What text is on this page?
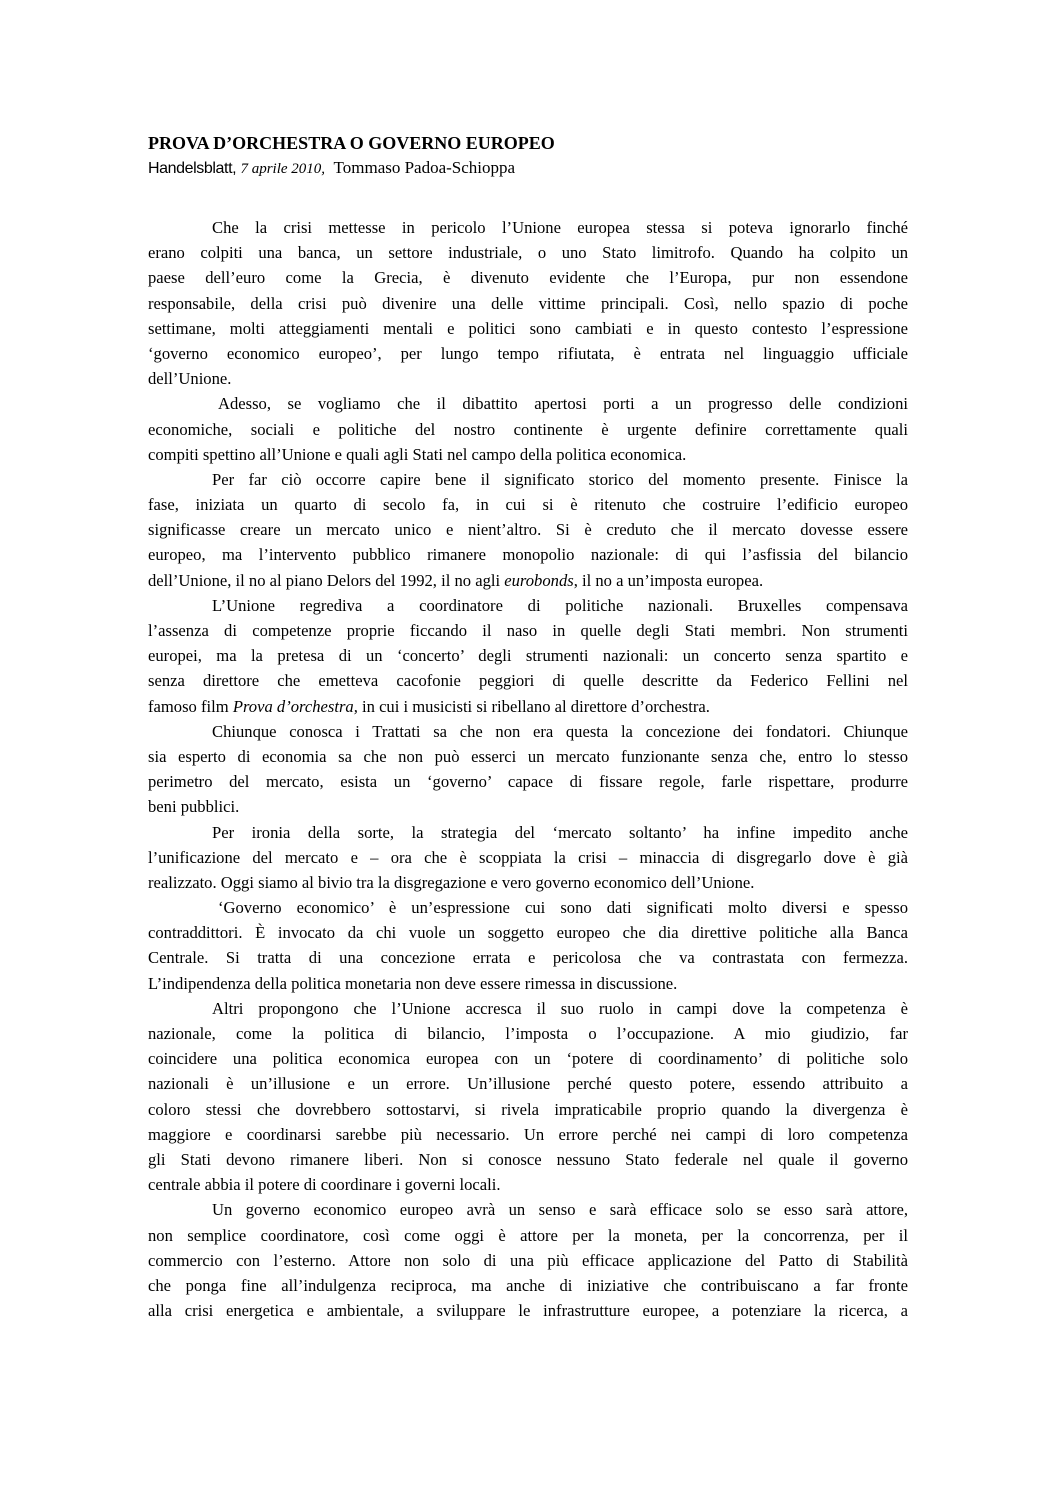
PROVA D’ORCHESTRA O GOVERNO EUROPEO
Handelsblatt, 7 aprile 2010, Tommaso Padoa-Schioppa
Che la crisi mettesse in pericolo l’Unione europea stessa si poteva ignorarlo finché
erano colpiti una banca, un settore industriale, o uno Stato limitrofo. Quando ha colpito un
paese dell’euro come la Grecia, è divenuto evidente che l’Europa, pur non essendone
responsabile, della crisi può divenire una delle vittime principali. Così, nello spazio di poche
settimane, molti atteggiamenti mentali e politici sono cambiati e in questo contesto l’espressione
‘governo economico europeo’, per lungo tempo rifiutata, è entrata nel linguaggio ufficiale
dell’Unione.
Adesso, se vogliamo che il dibattito apertosi porti a un progresso delle condizioni
economiche, sociali e politiche del nostro continente è urgente definire correttamente quali
compiti spettino all’Unione e quali agli Stati nel campo della politica economica.
Per far ciò occorre capire bene il significato storico del momento presente. Finisce la
fase, iniziata un quarto di secolo fa, in cui si è ritenuto che costruire l’edificio europeo
significasse creare un mercato unico e nient’altro. Si è creduto che il mercato dovesse essere
europeo, ma l’intervento pubblico rimanere monopolio nazionale: di qui l’asfissia del bilancio
dell’Unione, il no al piano Delors del 1992, il no agli eurobonds, il no a un’imposta europea.
L’Unione regrediva a coordinatore di politiche nazionali. Bruxelles compensava
l’assenza di competenze proprie ficcando il naso in quelle degli Stati membri. Non strumenti
europei, ma la pretesa di un ‘concerto’ degli strumenti nazionali: un concerto senza spartito e
senza direttore che emetteva cacofonie peggiori di quelle descritte da Federico Fellini nel
famoso film Prova d’orchestra, in cui i musicisti si ribellano al direttore d’orchestra.
Chiunque conosca i Trattati sa che non era questa la concezione dei fondatori. Chiunque
sia esperto di economia sa che non può esserci un mercato funzionante senza che, entro lo stesso
perimetro del mercato, esista un ‘governo’ capace di fissare regole, farle rispettare, produrre
beni pubblici.
Per ironia della sorte, la strategia del ‘mercato soltanto’ ha infine impedito anche
l’unificazione del mercato e – ora che è scoppiata la crisi – minaccia di disgregarlo dove è già
realizzato. Oggi siamo al bivio tra la disgregazione e vero governo economico dell’Unione.
‘Governo economico’ è un’espressione cui sono dati significati molto diversi e spesso
contraddittori. È invocato da chi vuole un soggetto europeo che dia direttive politiche alla Banca
Centrale. Si tratta di una concezione errata e pericolosa che va contrastata con fermezza.
L’indipendenza della politica monetaria non deve essere rimessa in discussione.
Altri propongono che l’Unione accresca il suo ruolo in campi dove la competenza è
nazionale, come la politica di bilancio, l’imposta o l’occupazione. A mio giudizio, far
coincidere una politica economica europea con un ‘potere di coordinamento’ di politiche solo
nazionali è un’illusione e un errore. Un’illusione perché questo potere, essendo attribuito a
coloro stessi che dovrebbero sottostarvi, si rivela impraticabile proprio quando la divergenza è
maggiore e coordinarsi sarebbe più necessario. Un errore perché nei campi di loro competenza
gli Stati devono rimanere liberi. Non si conosce nessuno Stato federale nel quale il governo
centrale abbia il potere di coordinare i governi locali.
Un governo economico europeo avrà un senso e sarà efficace solo se esso sarà attore,
non semplice coordinatore, così come oggi è attore per la moneta, per la concorrenza, per il
commercio con l’esterno. Attore non solo di una più efficace applicazione del Patto di Stabilità
che ponga fine all’indulgenza reciproca, ma anche di iniziative che contribuiscano a far fronte
alla crisi energetica e ambientale, a sviluppare le infrastrutture europee, a potenziare la ricerca, a
